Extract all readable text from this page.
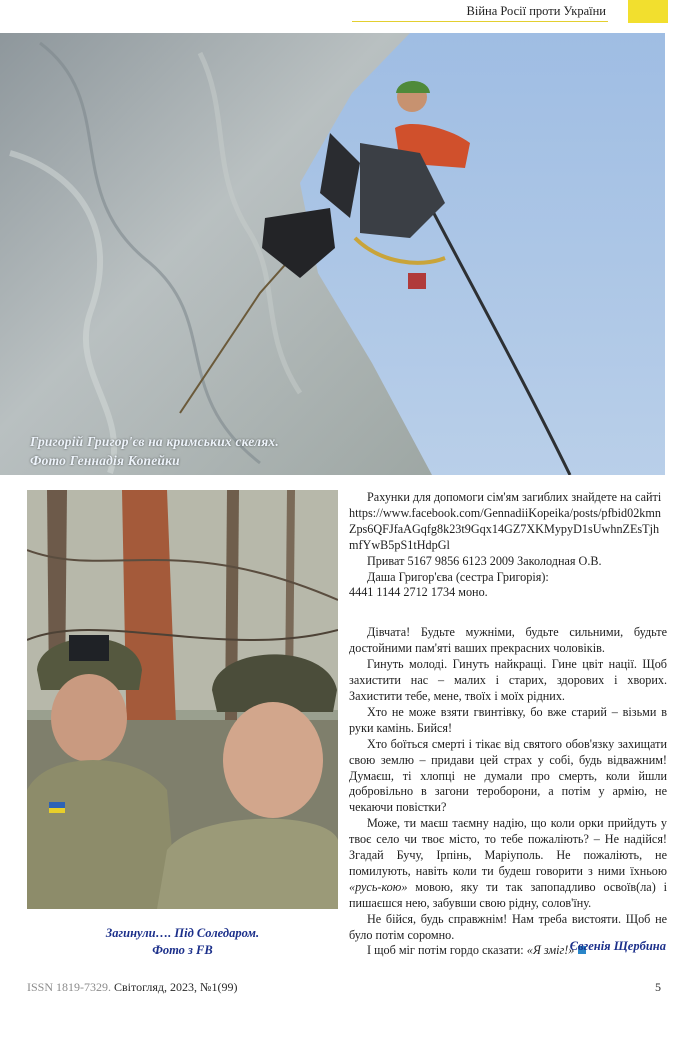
Війна Росії проти України
Григорій Григор'єв на кримських скелях.
Фото Геннадія Копейки
Загинули…. Під Соледаром.
Фото з FB

Рахунки для допомоги сім'ям загиблих знайдете на сайті

https://www.facebook.com/GennadiiKopeika/posts/pfbid02kmnZps6QFJfaAGqfg8k23t9Gqx14GZ7XKMypyD1sUwhnZEsTjhmfYwB5pS1tHdpGl

Приват 5167 9856 6123 2009 Заколодная О.В.

Даша Григор'єва (сестра Григорія):

4441 1144 2712 1734 моно.

Дівчата! Будьте мужніми, будьте сильними, будьте достойними пам'яті ваших прекрасних чоловіків.

Гинуть молоді. Гинуть найкращі. Гине цвіт нації. Щоб захистити нас – малих і старих, здорових і хворих. Захистити тебе, мене, твоїх і моїх рідних.

Хто не може взяти гвинтівку, бо вже старий – візьми в руки камінь. Бийся!

Хто боїться смерті і тікає від святого обов'язку захищати свою землю – придави цей страх у собі, будь відважним! Думаєш, ті хлопці не думали про смерть, коли йшли добровільно в загони тероборони, а потім у армію, не чекаючи повістки?

Може, ти маєш таємну надію, що коли орки прийдуть у твоє село чи твоє місто, то тебе пожаліють? – Не надійся! Згадай Бучу, Ірпінь, Маріуполь. Не пожаліють, не помилують, навіть коли ти будеш говорити з ними їхньою «русь-кою» мовою, яку ти так запопадливо освоїв(ла) і пишаєшся нею, забувши свою рідну, солов'їну.

Не бійся, будь справжнім! Нам треба вистояти. Щоб не було потім соромно.

І щоб міг потім гордо сказати: «Я зміг!»

Євгенія Щербина
ISSN 1819-7329. Світогляд, 2023, №1(99)	5
